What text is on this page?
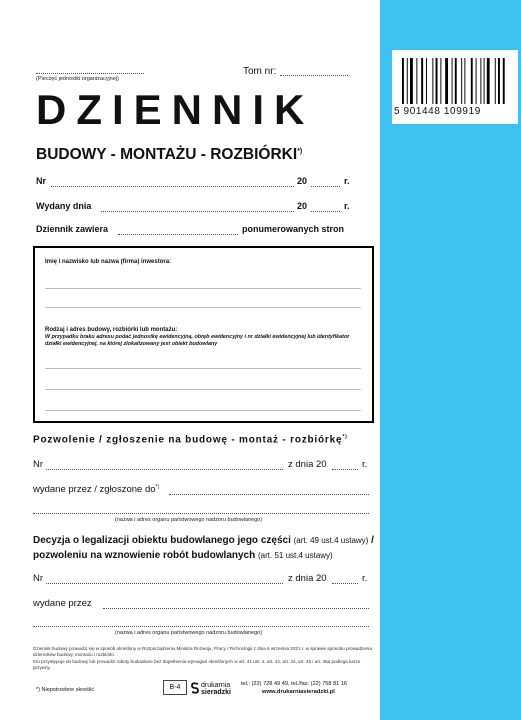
5 901448 109919
(Pieczęć jednostki organizacyjnej)
Tom nr:
DZIENNIK
BUDOWY - MONTAŻU - ROZBIÓRKI*)
Nr	20	r.
Wydany dnia	20	r.
Dziennik zawiera	ponumerowanych stron
Imię i nazwisko lub nazwa (firma) inwestora:
Rodzaj i adres budowy, rozbiórki lub montażu:
W przypadku braku adresu podać jednostkę ewidencyjną, obręb ewidencyjny i nr działki ewidencyjnej lub identyfikator działki ewidencyjnej, na której zlokalizowany jest obiekt budowlany
Pozwolenie / zgłoszenie na budowę - montaż - rozbiórkę*)
Nr	z dnia 20	r.
wydane przez / zgłoszone do*)
(nazwa i adres organu państwowego nadzoru budowlanego)
Decyzja o legalizacji obiektu budowlanego jego części (art. 49 ust.4 ustawy) /
pozwoleniu na wznowienie robót budowlanych (art. 51 ust.4 ustawy)
Nr	z dnia 20	r.
wydane przez
(nazwa i adres organu państwowego nadzoru budowlanego)
Dziennik budowy prowadzi się w sposób określony w Rozporządzeniu Ministra Rozwoju, Pracy i Technologii z dnia 6 września 2021 r. w sprawie sposobu prowadzenia dzienników budowy, montażu i rozbiórki.
Kto przystępuje do budowy lub prowadzi roboty budowlane bez dopełnienia wymagań określonych w art. 41 ust. 4, art. 42, art. 44, art. 45 i art. 45a podlega karze grzywny.
*) Niepotrzebne skreślić	B-4	drukarnia
sieradzki
tel.: (22) 728 49 49, tel./fax: (22) 758 81 16
www.drukarniasieradzki.pl
